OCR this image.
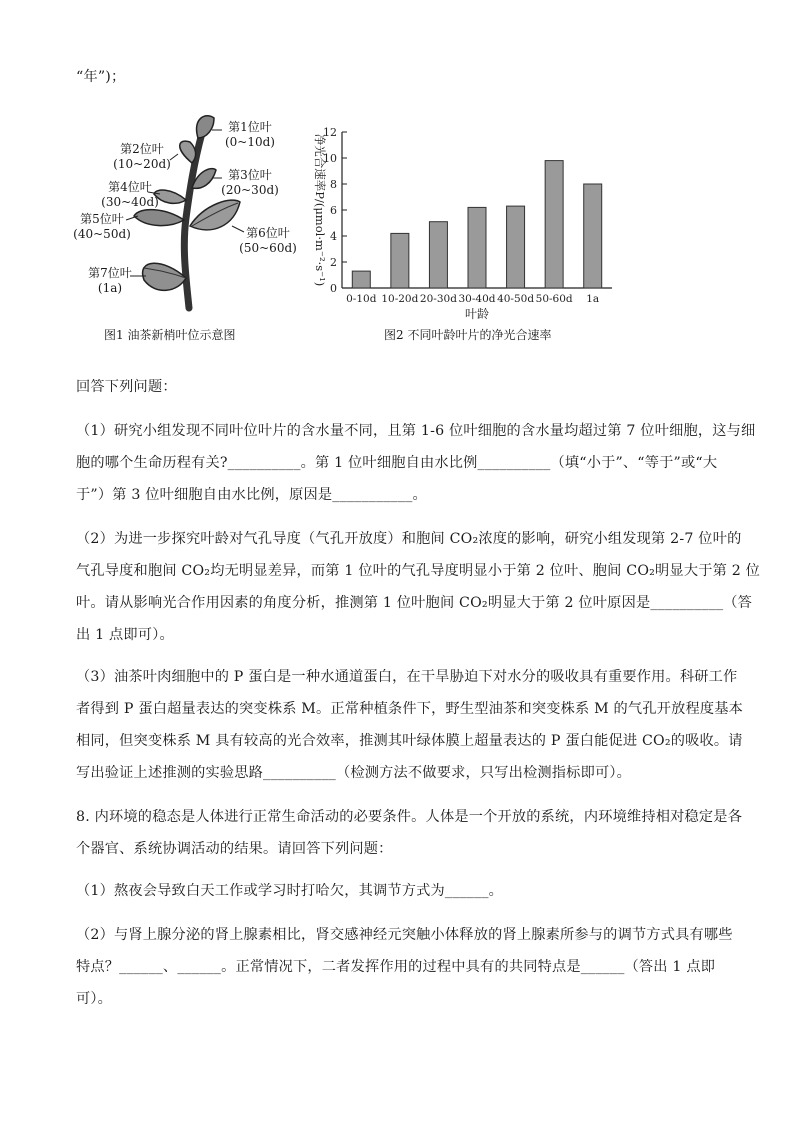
“年”)；
第1位叶
(0~10d)
第2位叶
(10~20d)
第3位叶
(20~30d)
第4位叶
(30~40d)
第5位叶
(40~50d)	第6位叶
(50~60d)
第7位叶
(1a)
图1 油茶新梢叶位示意图
0
2
4
6
8
10
12
0-10d 10-20d 20-30d 30-40d 40-50d 50-60d 1a
叶龄
净光合速率P/(μmol·m⁻²·s⁻¹)
图2 不同叶龄叶片的净光合速率
回答下列问题：
（1）研究小组发现不同叶位叶片的含水量不同，且第 1-6 位叶细胞的含水量均超过第 7 位叶细胞，这与细
胞的哪个生命历程有关?__________。第 1 位叶细胞自由水比例__________（填“小于”、“等于”或“大
于”）第 3 位叶细胞自由水比例，原因是___________。
（2）为进一步探究叶龄对气孔导度（气孔开放度）和胞间 CO₂浓度的影响，研究小组发现第 2-7 位叶的
气孔导度和胞间 CO₂均无明显差异，而第 1 位叶的气孔导度明显小于第 2 位叶、胞间 CO₂明显大于第 2 位
叶。请从影响光合作用因素的角度分析，推测第 1 位叶胞间 CO₂明显大于第 2 位叶原因是__________（答
出 1 点即可）。
（3）油茶叶肉细胞中的 P 蛋白是一种水通道蛋白，在干旱胁迫下对水分的吸收具有重要作用。科研工作
者得到 P 蛋白超量表达的突变株系 M。正常种植条件下，野生型油茶和突变株系 M 的气孔开放程度基本
相同，但突变株系 M 具有较高的光合效率，推测其叶绿体膜上超量表达的 P 蛋白能促进 CO₂的吸收。请
写出验证上述推测的实验思路__________（检测方法不做要求，只写出检测指标即可）。
8. 内环境的稳态是人体进行正常生命活动的必要条件。人体是一个开放的系统，内环境维持相对稳定是各
个器官、系统协调活动的结果。请回答下列问题：
（1）熬夜会导致白天工作或学习时打哈欠，其调节方式为______。
（2）与肾上腺分泌的肾上腺素相比，肾交感神经元突触小体释放的肾上腺素所参与的调节方式具有哪些
特点？______、______。正常情况下，二者发挥作用的过程中具有的共同特点是______（答出 1 点即
可）。
